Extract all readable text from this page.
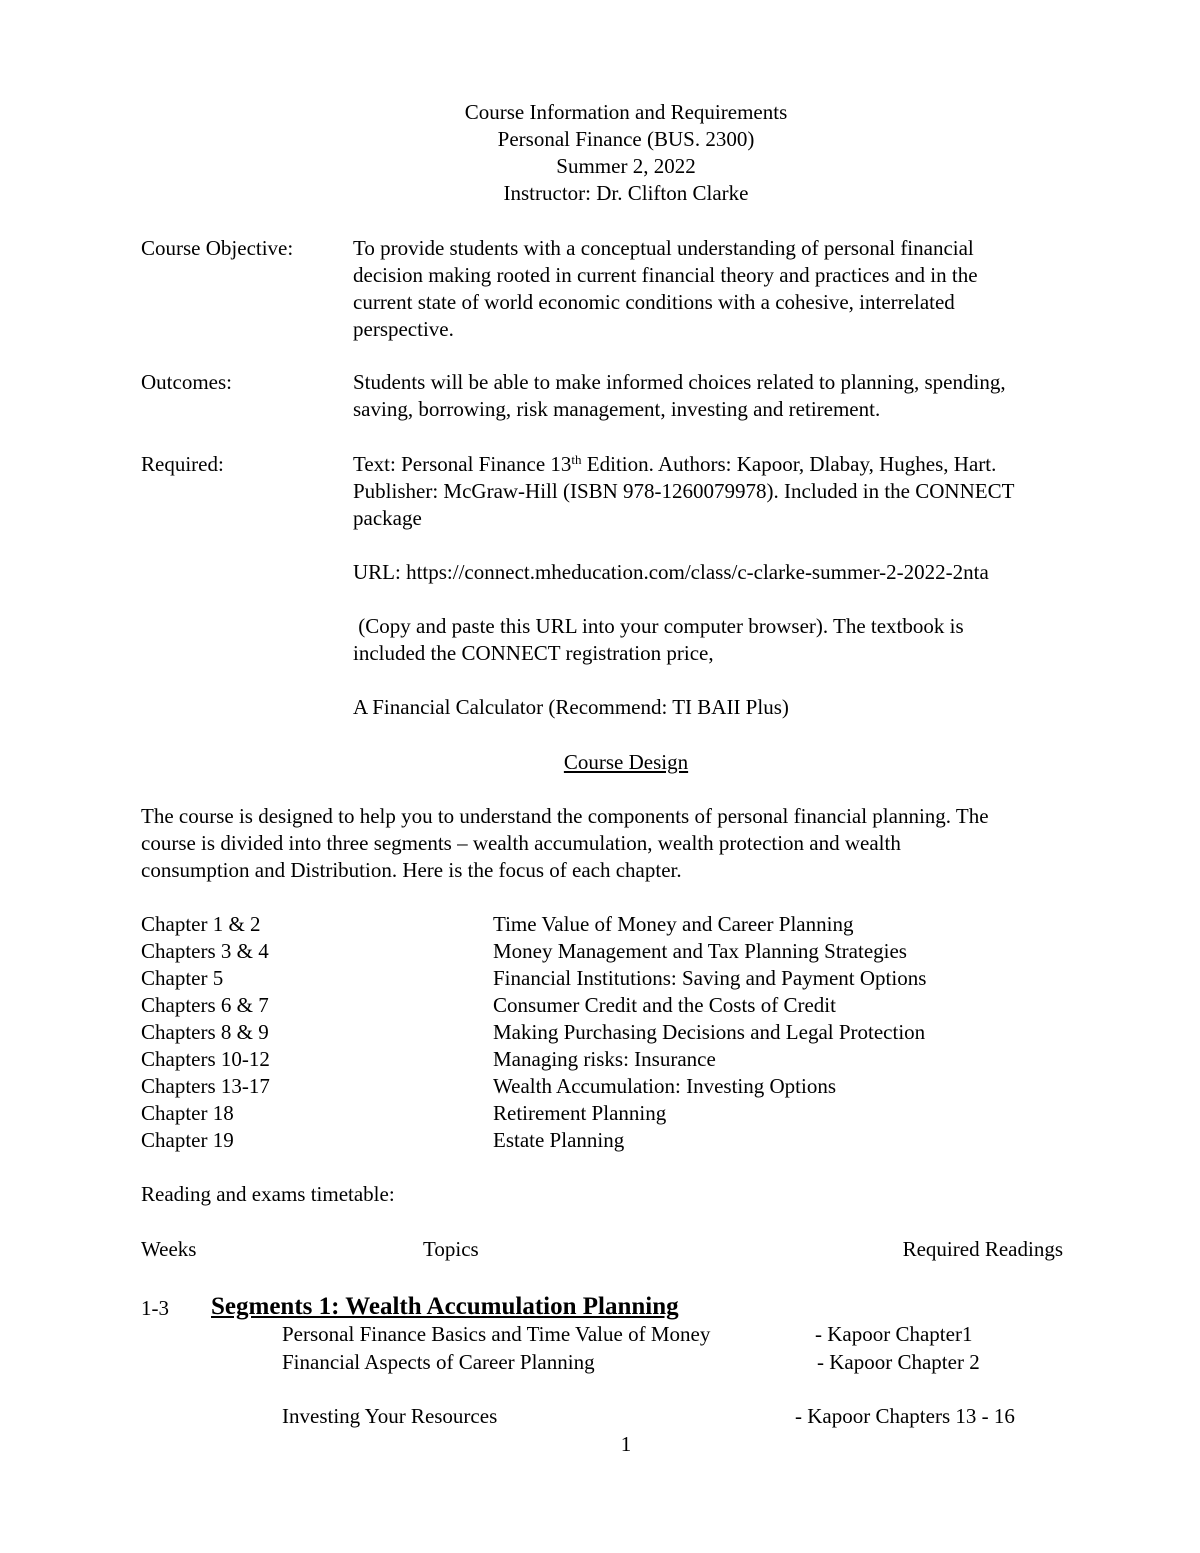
Course Information and Requirements
Personal Finance (BUS. 2300)
Summer 2, 2022
Instructor: Dr. Clifton Clarke
Course Objective:	To provide students with a conceptual understanding of personal financial
decision making rooted in current financial theory and practices and in the
current state of world economic conditions with a cohesive, interrelated
perspective.
Outcomes:	Students will be able to make informed choices related to planning, spending,
saving, borrowing, risk management, investing and retirement.
Required:	Text: Personal Finance 13th Edition. Authors: Kapoor, Dlabay, Hughes, Hart.
Publisher: McGraw-Hill (ISBN 978-1260079978). Included in the CONNECT
package
URL: https://connect.mheducation.com/class/c-clarke-summer-2-2022-2nta
(Copy and paste this URL into your computer browser). The textbook is
included the CONNECT registration price,
A Financial Calculator (Recommend: TI BAII Plus)
Course Design
The course is designed to help you to understand the components of personal financial planning. The
course is divided into three segments – wealth accumulation, wealth protection and wealth
consumption and Distribution. Here is the focus of each chapter.
Chapter 1 & 2	Time Value of Money and Career Planning
Chapters 3 & 4	Money Management and Tax Planning Strategies
Chapter 5	Financial Institutions: Saving and Payment Options
Chapters 6 & 7	Consumer Credit and the Costs of Credit
Chapters 8 & 9	Making Purchasing Decisions and Legal Protection
Chapters 10-12	Managing risks: Insurance
Chapters 13-17	Wealth Accumulation: Investing Options
Chapter 18	Retirement Planning
Chapter 19	Estate Planning
Reading and exams timetable:
Weeks	Topics	Required Readings
1-3 Segments 1: Wealth Accumulation Planning
Personal Finance Basics and Time Value of Money	- Kapoor Chapter1
Financial Aspects of Career Planning	- Kapoor Chapter 2
Investing Your Resources	- Kapoor Chapters 13 - 16
1
